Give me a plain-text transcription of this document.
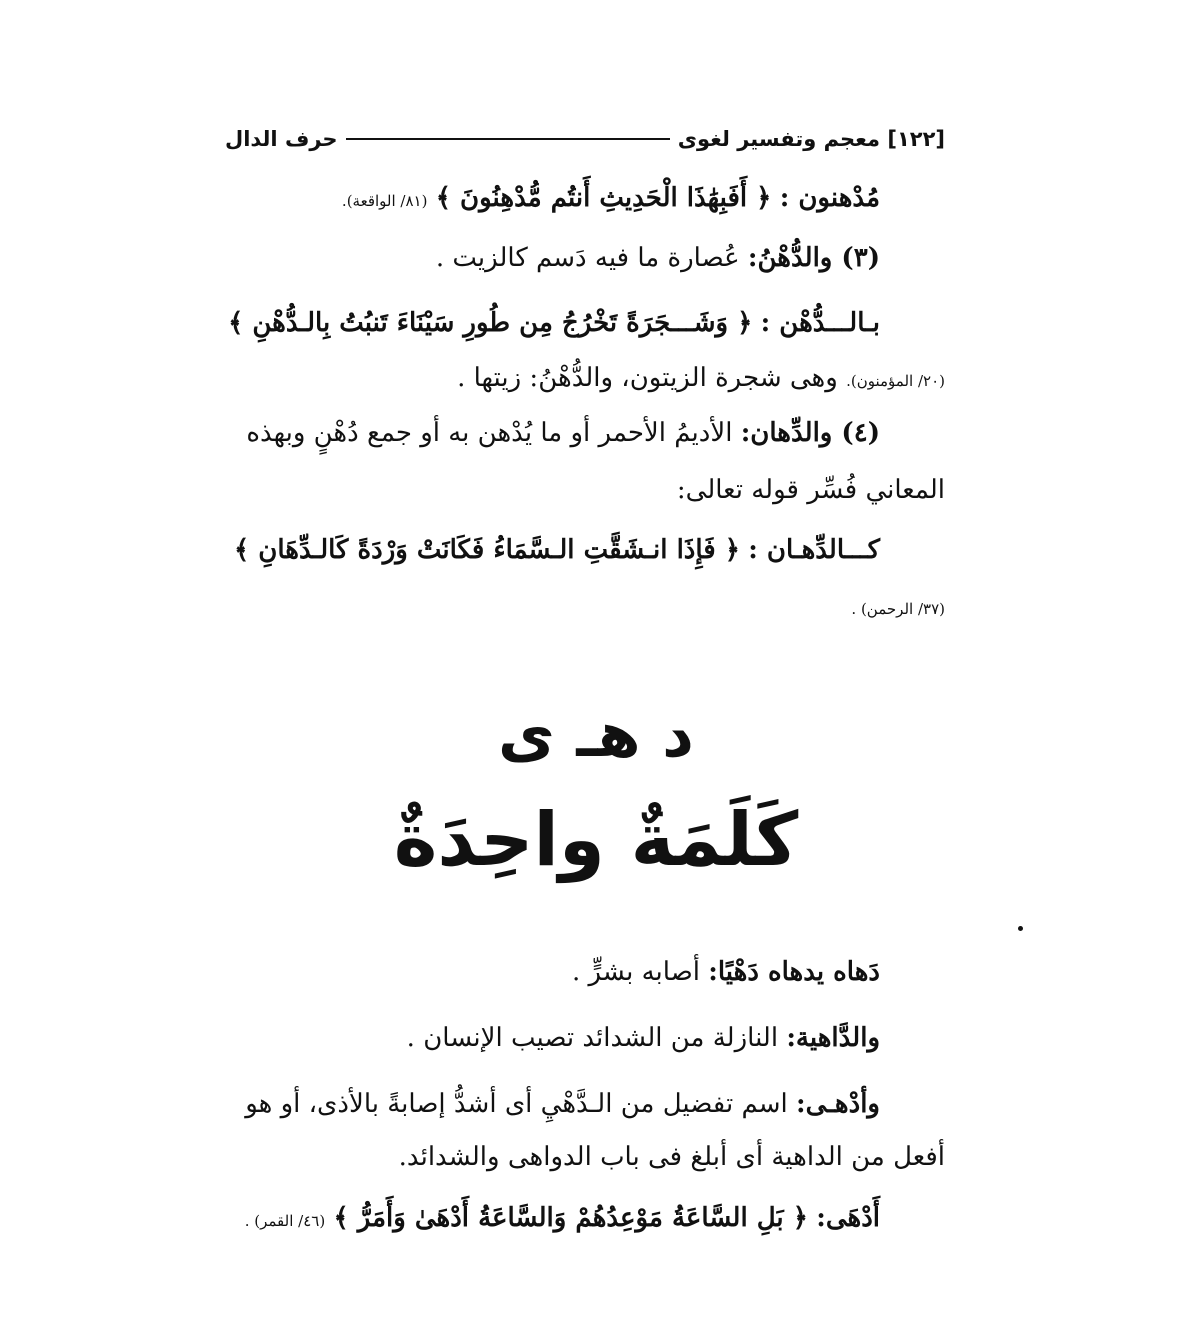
[١٢٢] معجم وتفسير لغوى
حرف الدال
مُدْهنون : ﴿ أَفَبِهَٰذَا الْحَدِيثِ أَنتُم مُّدْهِنُونَ ﴾ (٨١/ الواقعة).
(٣) والدُّهْنُ: عُصارة ما فيه دَسم كالزيت .
بـالـــدُّهْن : ﴿ وَشَـــجَرَةً تَخْرُجُ مِن طُورِ سَيْنَاءَ تَنبُتُ بِالـدُّهْنِ ﴾
(٢٠/ المؤمنون). وهى شجرة الزيتون، والدُّهْنُ: زيتها .
(٤) والدِّهان: الأديمُ الأحمر أو ما يُدْهن به أو جمع دُهْنٍ وبهذه
المعاني فُسِّر قوله تعالى:
كـــالدِّهـان : ﴿ فَإِذَا انـشَقَّتِ الـسَّمَاءُ فَكَانَتْ وَرْدَةً كَالـدِّهَانِ ﴾
(٣٧/ الرحمن) .
د هـ ى
كَلَمَةٌ واحِدَةٌ
دَهاه يدهاه دَهْيًا: أصابه بشرٍّ .
والدَّاهية: النازلة من الشدائد تصيب الإنسان .
وأدْهـى: اسم تفضيل من الـدَّهْيِ أى أشدُّ إصابةً بالأذى، أو هو
أفعل من الداهية أى أبلغ فى باب الدواهى والشدائد.
أَدْهَى: ﴿ بَلِ السَّاعَةُ مَوْعِدُهُمْ وَالسَّاعَةُ أَدْهَىٰ وَأَمَرُّ ﴾ (٤٦/ القمر) .
